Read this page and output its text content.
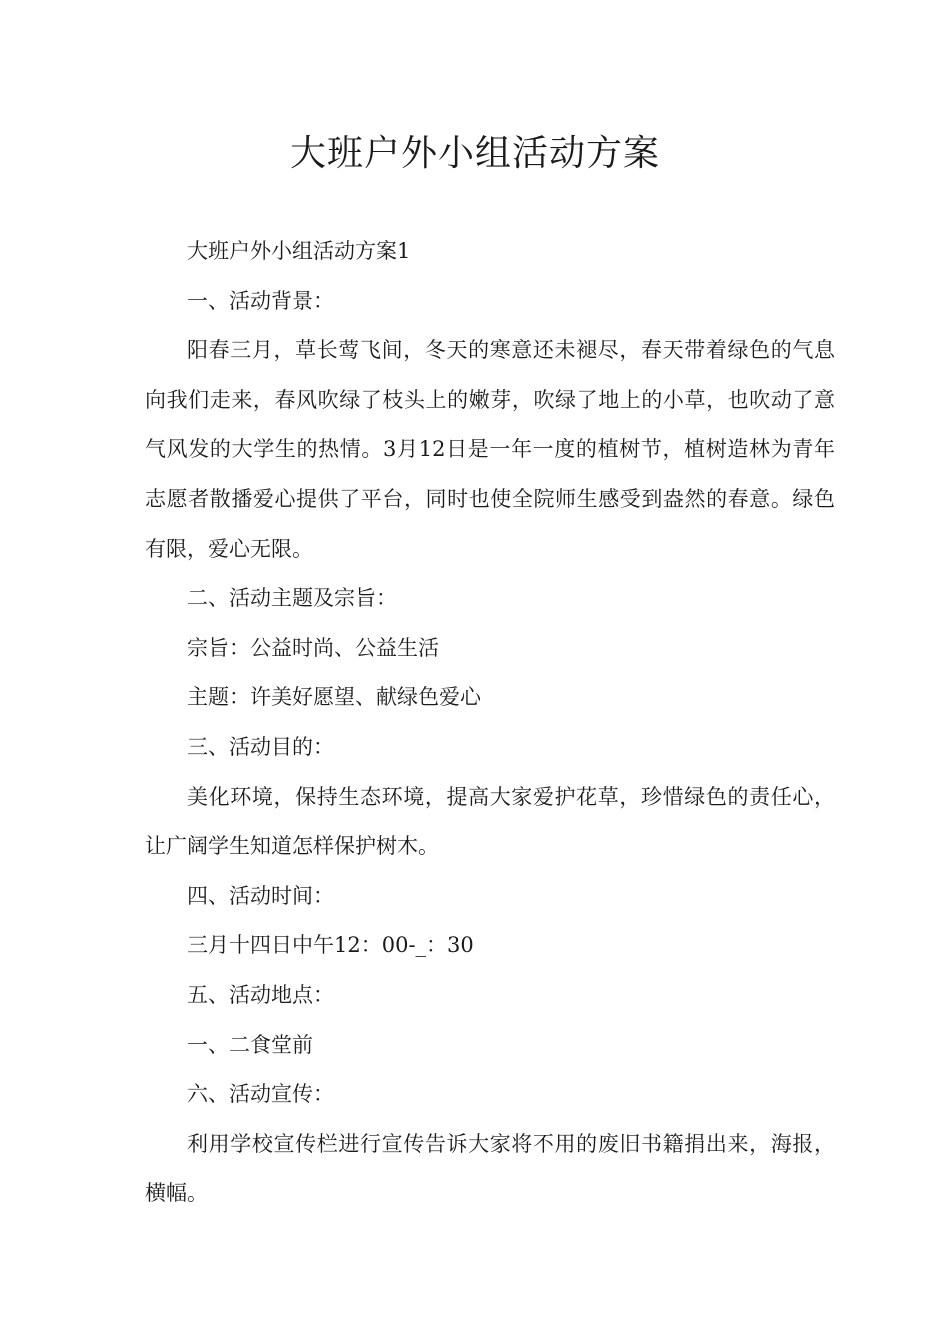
大班户外小组活动方案

大班户外小组活动方案1

一、活动背景：

阳春三月，草长莺飞间，冬天的寒意还未褪尽，春天带着绿色的气息向我们走来，春风吹绿了枝头上的嫩芽，吹绿了地上的小草，也吹动了意气风发的大学生的热情。3月12日是一年一度的植树节，植树造林为青年志愿者散播爱心提供了平台，同时也使全院师生感受到盎然的春意。绿色有限，爱心无限。

二、活动主题及宗旨：

宗旨：公益时尚、公益生活

主题：许美好愿望、献绿色爱心

三、活动目的：

美化环境，保持生态环境，提高大家爱护花草，珍惜绿色的责任心，让广阔学生知道怎样保护树木。

四、活动时间：

三月十四日中午12：00-_：30

五、活动地点：

一、二食堂前

六、活动宣传：

利用学校宣传栏进行宣传告诉大家将不用的废旧书籍捐出来，海报，横幅。
